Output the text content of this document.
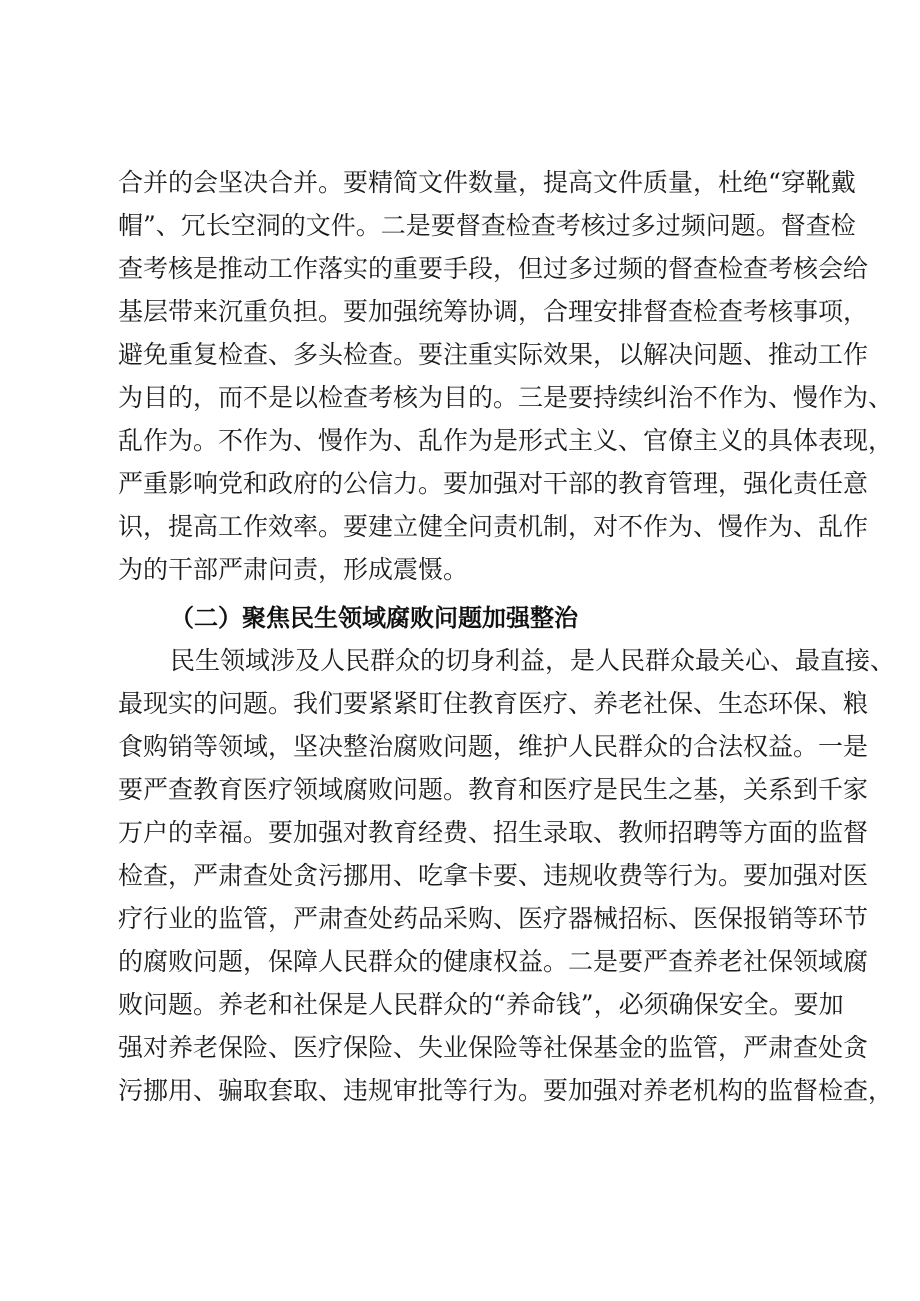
合并的会坚决合并。要精简文件数量，提高文件质量，杜绝“穿靴戴
帽”、冗长空洞的文件。二是要督查检查考核过多过频问题。督查检
查考核是推动工作落实的重要手段，但过多过频的督查检查考核会给
基层带来沉重负担。要加强统筹协调，合理安排督查检查考核事项，
避免重复检查、多头检查。要注重实际效果，以解决问题、推动工作
为目的，而不是以检查考核为目的。三是要持续纠治不作为、慢作为、
乱作为。不作为、慢作为、乱作为是形式主义、官僚主义的具体表现，
严重影响党和政府的公信力。要加强对干部的教育管理，强化责任意
识，提高工作效率。要建立健全问责机制，对不作为、慢作为、乱作
为的干部严肃问责，形成震慑。
（二）聚焦民生领域腐败问题加强整治
民生领域涉及人民群众的切身利益，是人民群众最关心、最直接、
最现实的问题。我们要紧紧盯住教育医疗、养老社保、生态环保、粮
食购销等领域，坚决整治腐败问题，维护人民群众的合法权益。一是
要严查教育医疗领域腐败问题。教育和医疗是民生之基，关系到千家
万户的幸福。要加强对教育经费、招生录取、教师招聘等方面的监督
检查，严肃查处贪污挪用、吃拿卡要、违规收费等行为。要加强对医
疗行业的监管，严肃查处药品采购、医疗器械招标、医保报销等环节
的腐败问题，保障人民群众的健康权益。二是要严查养老社保领域腐
败问题。养老和社保是人民群众的“养命钱”，必须确保安全。要加
强对养老保险、医疗保险、失业保险等社保基金的监管，严肃查处贪
污挪用、骗取套取、违规审批等行为。要加强对养老机构的监督检查，
